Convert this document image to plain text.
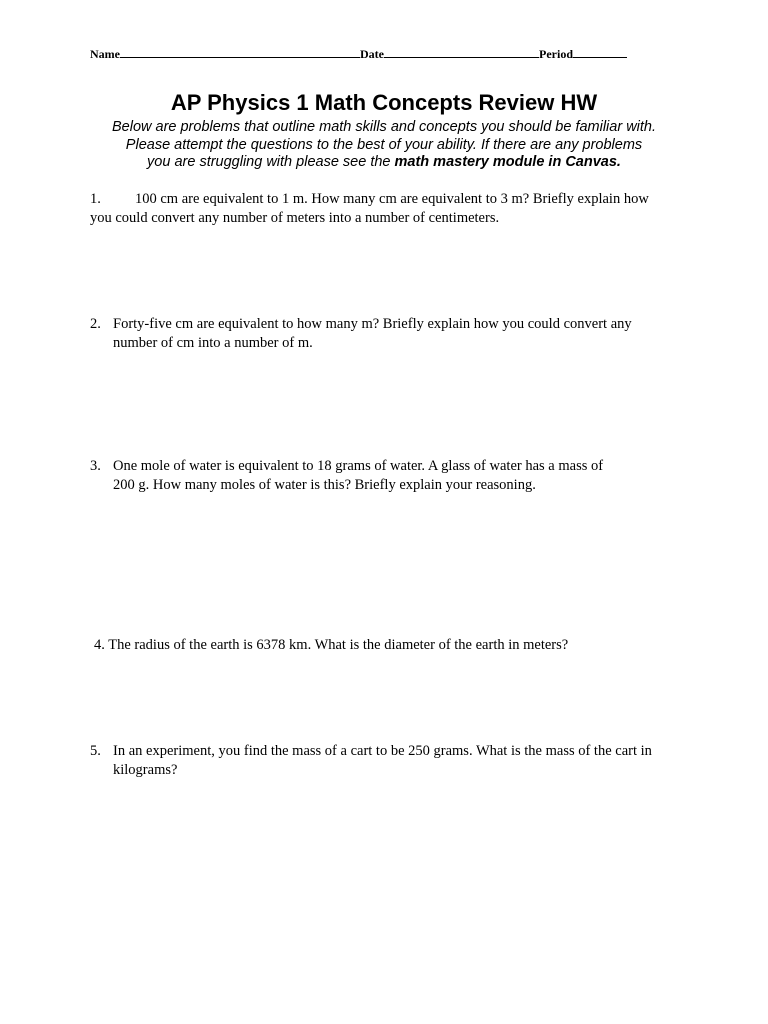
Name	Date	Period
AP Physics 1 Math Concepts Review HW
Below are problems that outline math skills and concepts you should be familiar with.
Please attempt the questions to the best of your ability. If there are any problems
you are struggling with please see the math mastery module in Canvas.
1.	100 cm are equivalent to 1 m. How many cm are equivalent to 3 m? Briefly explain how
you could convert any number of meters into a number of centimeters.
2. Forty-five cm are equivalent to how many m? Briefly explain how you could convert any
number of cm into a number of m.
3. One mole of water is equivalent to 18 grams of water. A glass of water has a mass of
200 g. How many moles of water is this? Briefly explain your reasoning.
4. The radius of the earth is 6378 km. What is the diameter of the earth in meters?
5. In an experiment, you find the mass of a cart to be 250 grams. What is the mass of the cart in
kilograms?
